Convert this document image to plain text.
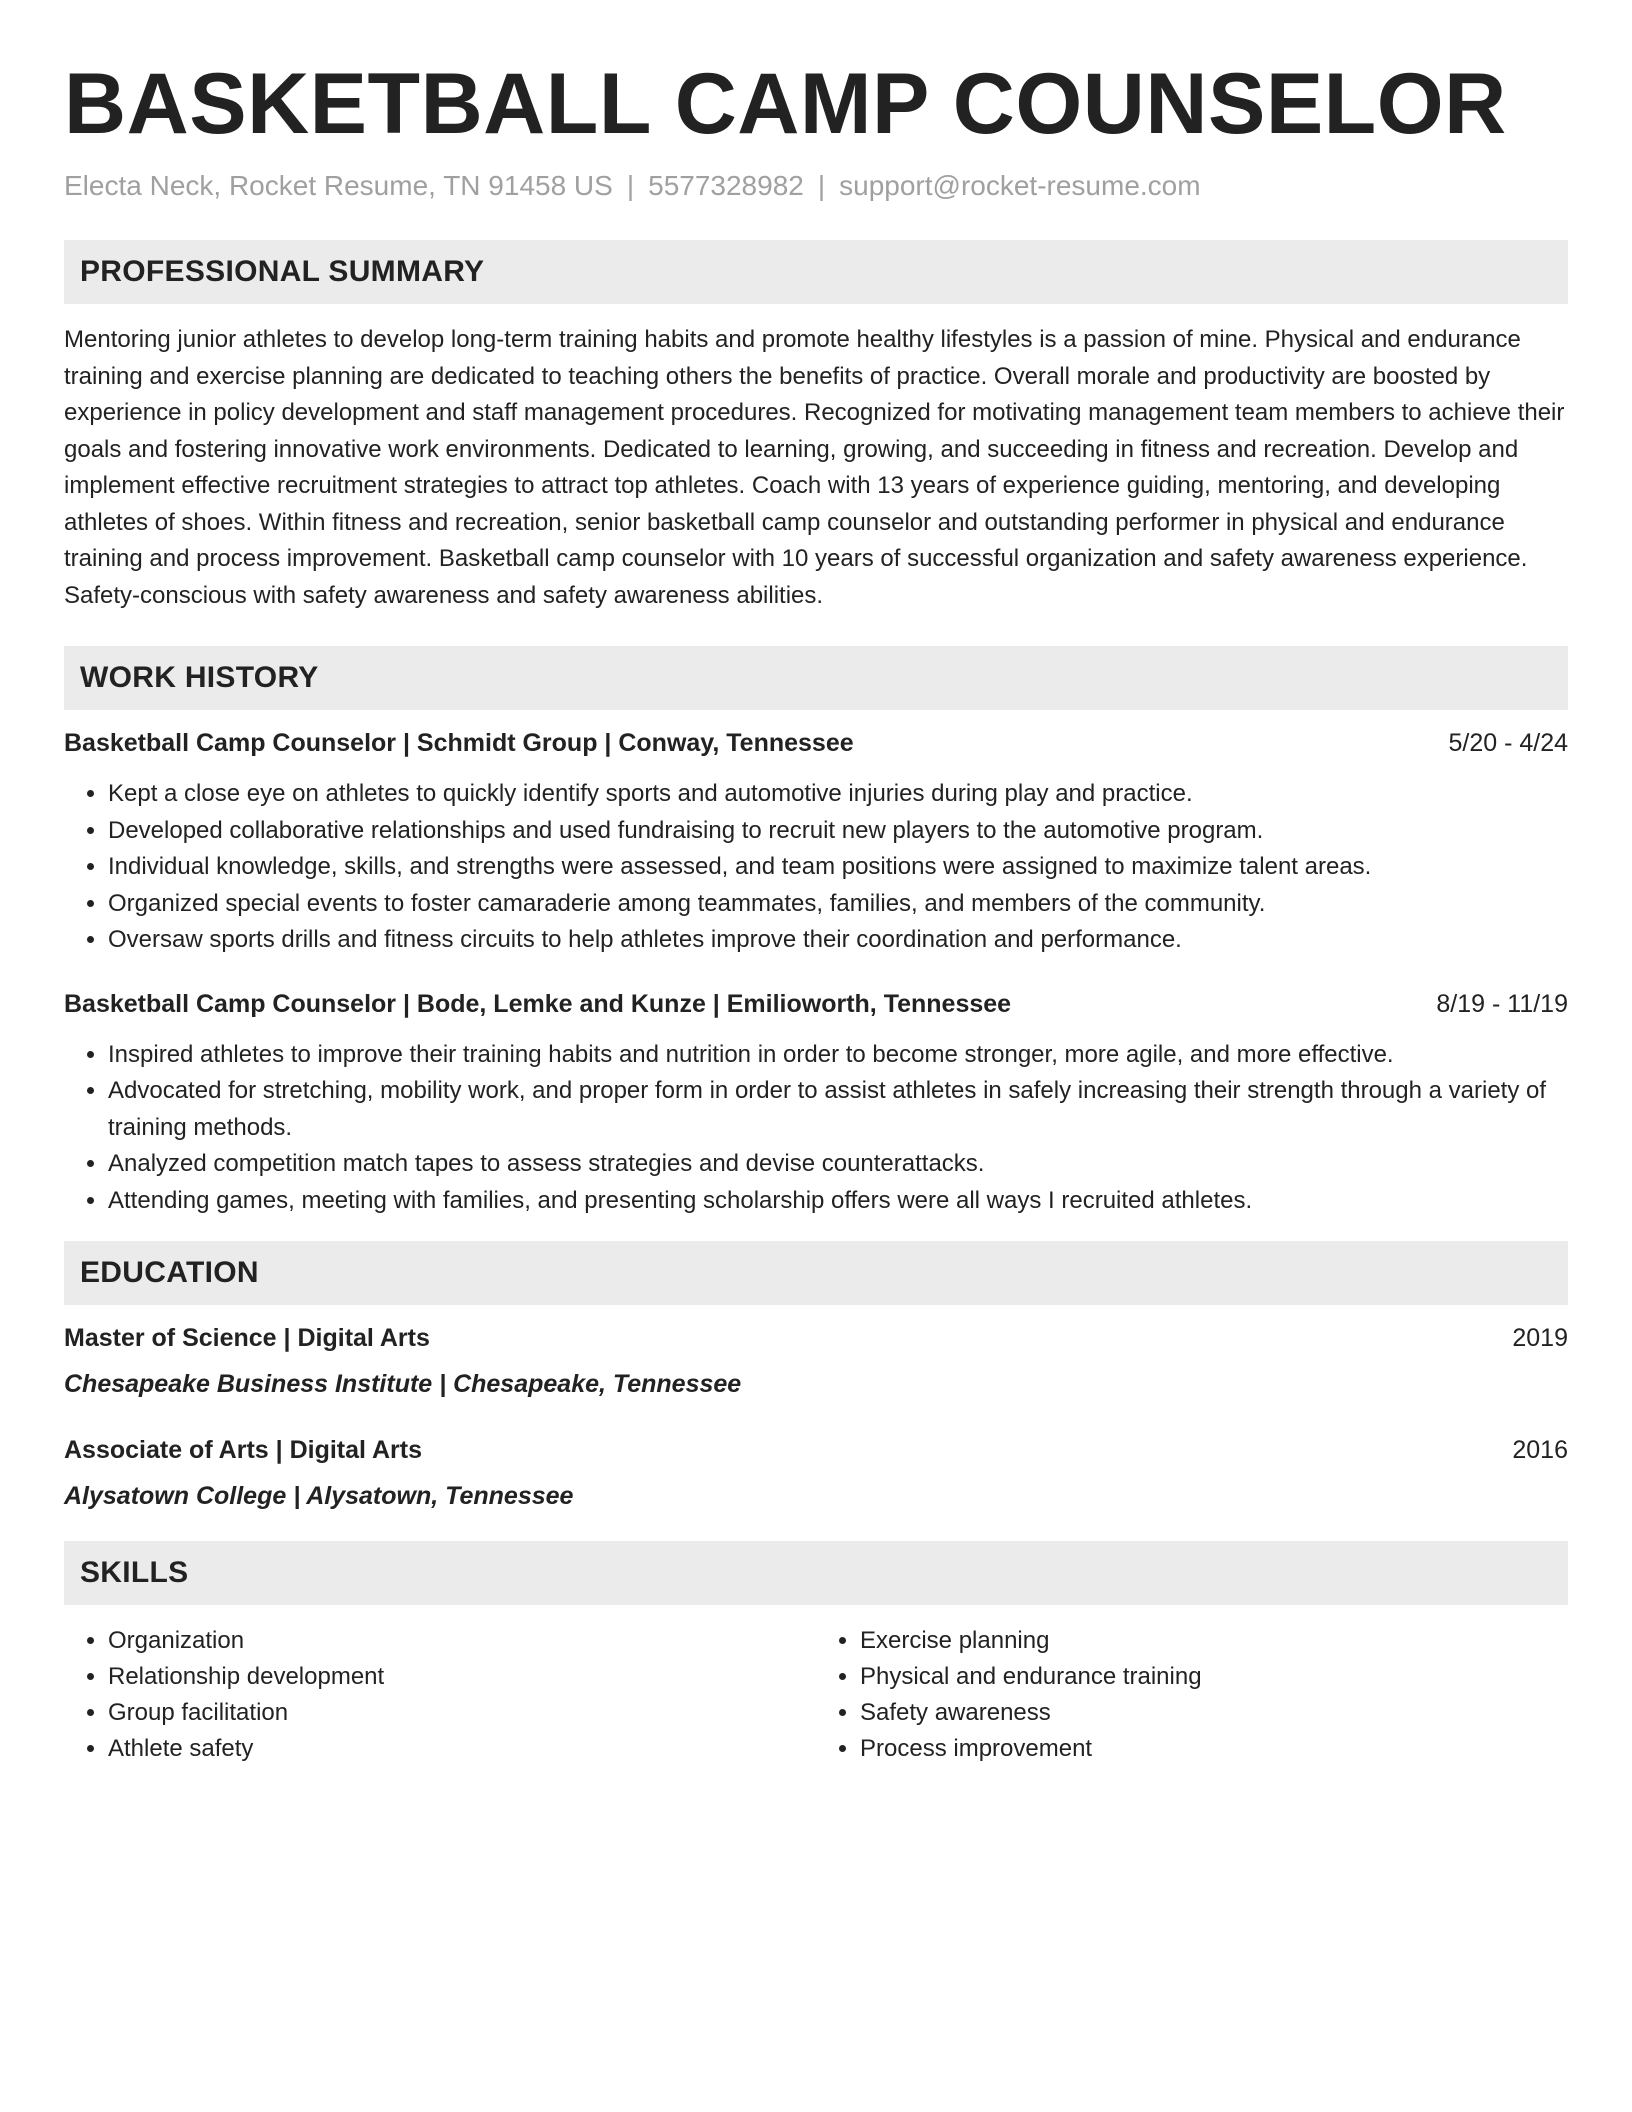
BASKETBALL CAMP COUNSELOR
Electa Neck, Rocket Resume, TN 91458 US | 5577328982 | support@rocket-resume.com
PROFESSIONAL SUMMARY
Mentoring junior athletes to develop long-term training habits and promote healthy lifestyles is a passion of mine. Physical and endurance training and exercise planning are dedicated to teaching others the benefits of practice. Overall morale and productivity are boosted by experience in policy development and staff management procedures. Recognized for motivating management team members to achieve their goals and fostering innovative work environments. Dedicated to learning, growing, and succeeding in fitness and recreation. Develop and implement effective recruitment strategies to attract top athletes. Coach with 13 years of experience guiding, mentoring, and developing athletes of shoes. Within fitness and recreation, senior basketball camp counselor and outstanding performer in physical and endurance training and process improvement. Basketball camp counselor with 10 years of successful organization and safety awareness experience. Safety-conscious with safety awareness and safety awareness abilities.
WORK HISTORY
Basketball Camp Counselor | Schmidt Group | Conway, Tennessee	5/20 - 4/24
• Kept a close eye on athletes to quickly identify sports and automotive injuries during play and practice.
• Developed collaborative relationships and used fundraising to recruit new players to the automotive program.
• Individual knowledge, skills, and strengths were assessed, and team positions were assigned to maximize talent areas.
• Organized special events to foster camaraderie among teammates, families, and members of the community.
• Oversaw sports drills and fitness circuits to help athletes improve their coordination and performance.
Basketball Camp Counselor | Bode, Lemke and Kunze | Emilioworth, Tennessee	8/19 - 11/19
• Inspired athletes to improve their training habits and nutrition in order to become stronger, more agile, and more effective.
• Advocated for stretching, mobility work, and proper form in order to assist athletes in safely increasing their strength through a variety of training methods.
• Analyzed competition match tapes to assess strategies and devise counterattacks.
• Attending games, meeting with families, and presenting scholarship offers were all ways I recruited athletes.
EDUCATION
Master of Science | Digital Arts	2019
Chesapeake Business Institute | Chesapeake, Tennessee
Associate of Arts | Digital Arts	2016
Alysatown College | Alysatown, Tennessee
SKILLS
• Organization
• Relationship development
• Group facilitation
• Athlete safety
• Exercise planning
• Physical and endurance training
• Safety awareness
• Process improvement
